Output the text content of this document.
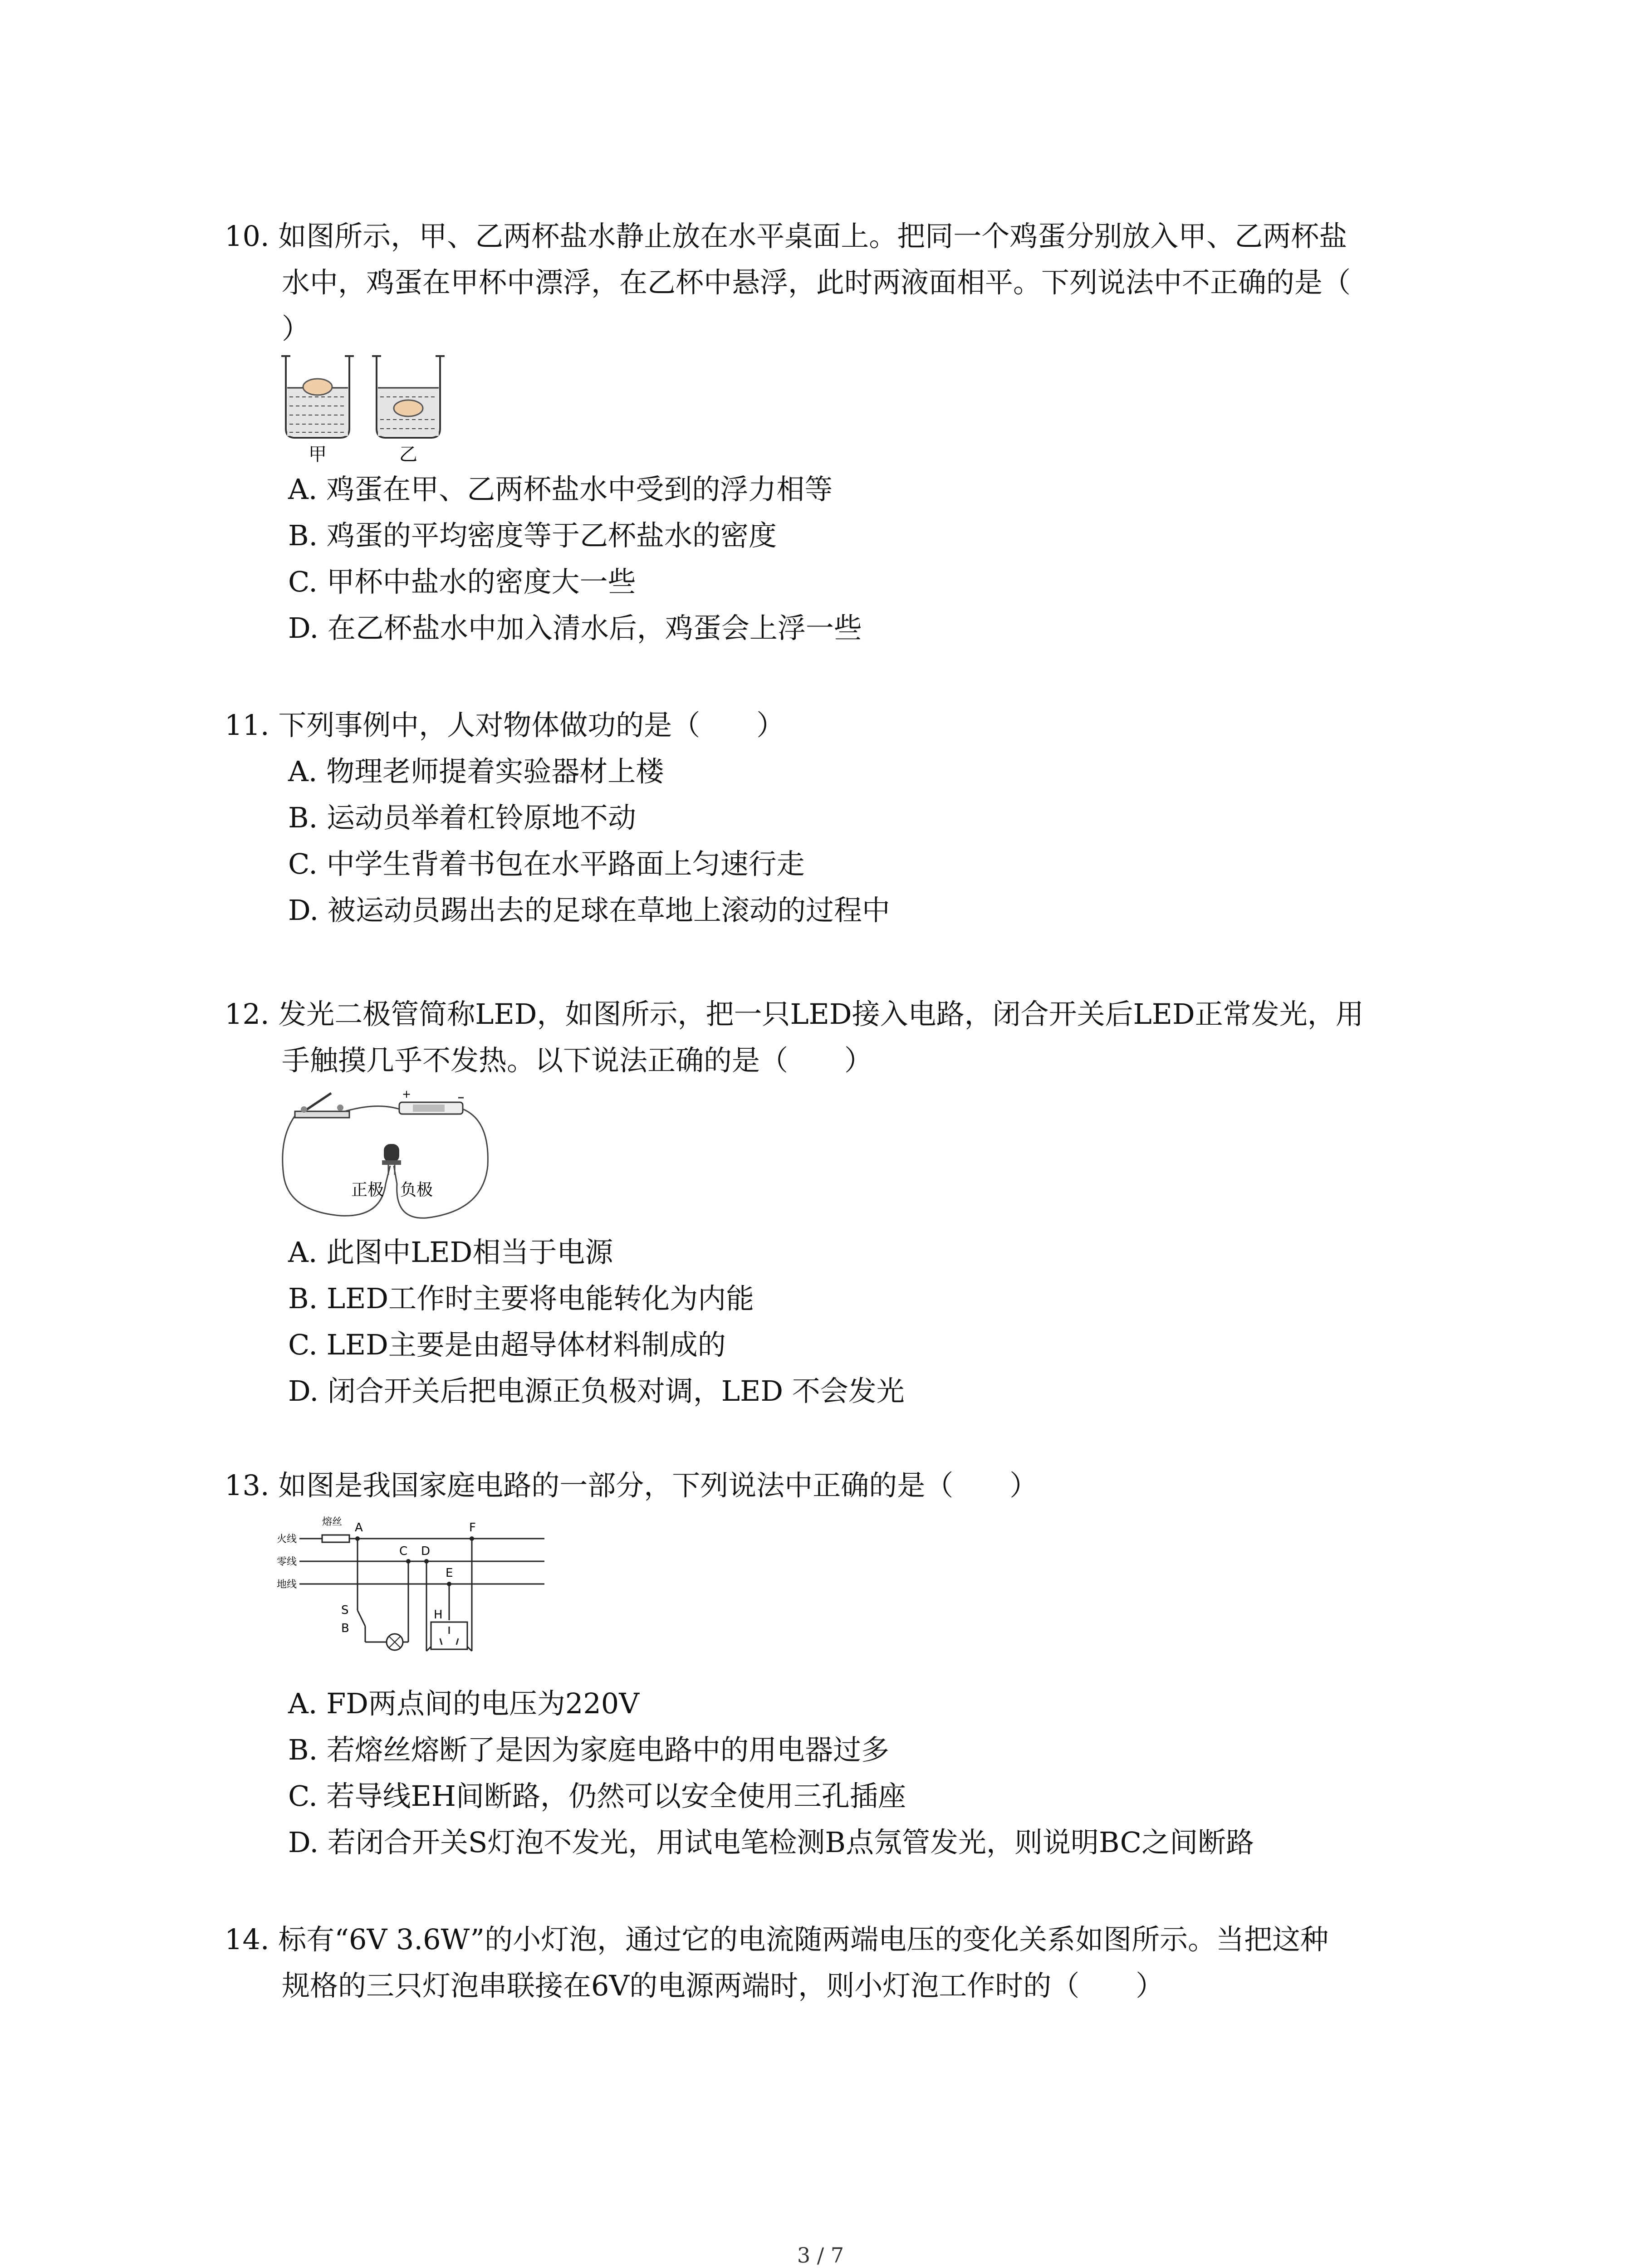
10. 如图所示，甲、乙两杯盐水静止放在水平桌面上。把同一个鸡蛋分别放入甲、乙两杯盐
水中，鸡蛋在甲杯中漂浮，在乙杯中悬浮，此时两液面相平。下列说法中不正确的是（
）
甲	乙
A. 鸡蛋在甲、乙两杯盐水中受到的浮力相等
B. 鸡蛋的平均密度等于乙杯盐水的密度
C. 甲杯中盐水的密度大一些
D. 在乙杯盐水中加入清水后，鸡蛋会上浮一些
11. 下列事例中，人对物体做功的是（　　）
A. 物理老师提着实验器材上楼
B. 运动员举着杠铃原地不动
C. 中学生背着书包在水平路面上匀速行走
D. 被运动员踢出去的足球在草地上滚动的过程中
12. 发光二极管简称LED，如图所示，把一只LED接入电路，闭合开关后LED正常发光，用
手触摸几乎不发热。以下说法正确的是（　　）
+
正极 负极
A. 此图中LED相当于电源
B. LED工作时主要将电能转化为内能
C. LED主要是由超导体材料制成的
D. 闭合开关后把电源正负极对调，LED 不会发光
13. 如图是我国家庭电路的一部分，下列说法中正确的是（　　）
火线
零线
地线
熔丝 A
S
B
C D
F
E
H
A. FD两点间的电压为220V
B. 若熔丝熔断了是因为家庭电路中的用电器过多
C. 若导线EH间断路，仍然可以安全使用三孔插座
D. 若闭合开关S灯泡不发光，用试电笔检测B点氖管发光，则说明BC之间断路
14. 标有“6V 3.6W”的小灯泡，通过它的电流随两端电压的变化关系如图所示。当把这种
规格的三只灯泡串联接在6V的电源两端时，则小灯泡工作时的（　　）
3 / 7
